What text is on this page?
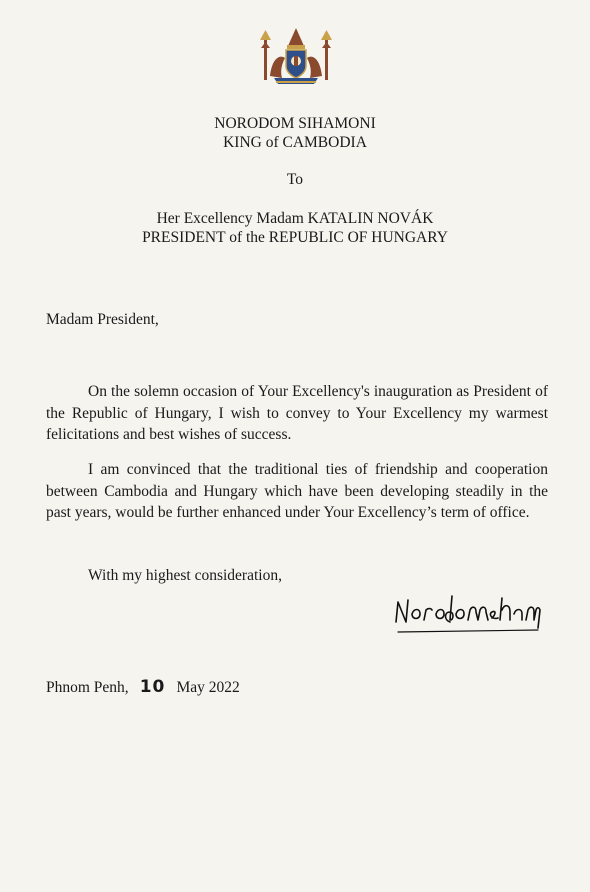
NORODOM SIHAMONI
KING of CAMBODIA
To
Her Excellency Madam KATALIN NOVÁK
PRESIDENT of the REPUBLIC OF HUNGARY
Madam President,

On the solemn occasion of Your Excellency's inauguration as President of the Republic of Hungary, I wish to convey to Your Excellency my warmest felicitations and best wishes of success.

I am convinced that the traditional ties of friendship and cooperation between Cambodia and Hungary which have been developing steadily in the past years, would be further enhanced under Your Excellency’s term of office.

With my highest consideration,
Phnom Penh, 10 May 2022
